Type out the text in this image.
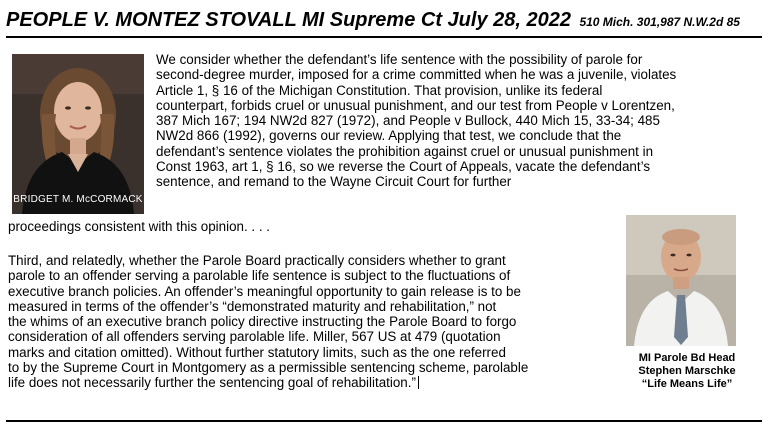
PEOPLE V. MONTEZ STOVALL MI Supreme Ct July 28, 2022 510 Mich. 301,987 N.W.2d 85
BRIDGET M. McCORMACK
We consider whether the defendant’s life sentence with the possibility of parole for
second-degree murder, imposed for a crime committed when he was a juvenile, violates
Article 1, § 16 of the Michigan Constitution. That provision, unlike its federal
counterpart, forbids cruel or unusual punishment, and our test from People v Lorentzen,
387 Mich 167; 194 NW2d 827 (1972), and People v Bullock, 440 Mich 15, 33-34; 485
NW2d 866 (1992), governs our review. Applying that test, we conclude that the
defendant’s sentence violates the prohibition against cruel or unusual punishment in
Const 1963, art 1, § 16, so we reverse the Court of Appeals, vacate the defendant’s
sentence, and remand to the Wayne Circuit Court for further
proceedings consistent with this opinion. . . .
Third, and relatedly, whether the Parole Board practically considers whether to grant
parole to an offender serving a parolable life sentence is subject to the fluctuations of
executive branch policies. An offender’s meaningful opportunity to gain release is to be
measured in terms of the offender’s “demonstrated maturity and rehabilitation,” not
the whims of an executive branch policy directive instructing the Parole Board to forgo
consideration of all offenders serving parolable life. Miller, 567 US at 479 (quotation
marks and citation omitted). Without further statutory limits, such as the one referred
to by the Supreme Court in Montgomery as a permissible sentencing scheme, parolable
life does not necessarily further the sentencing goal of rehabilitation.”
MI Parole Bd Head
Stephen Marschke
“Life Means Life”
